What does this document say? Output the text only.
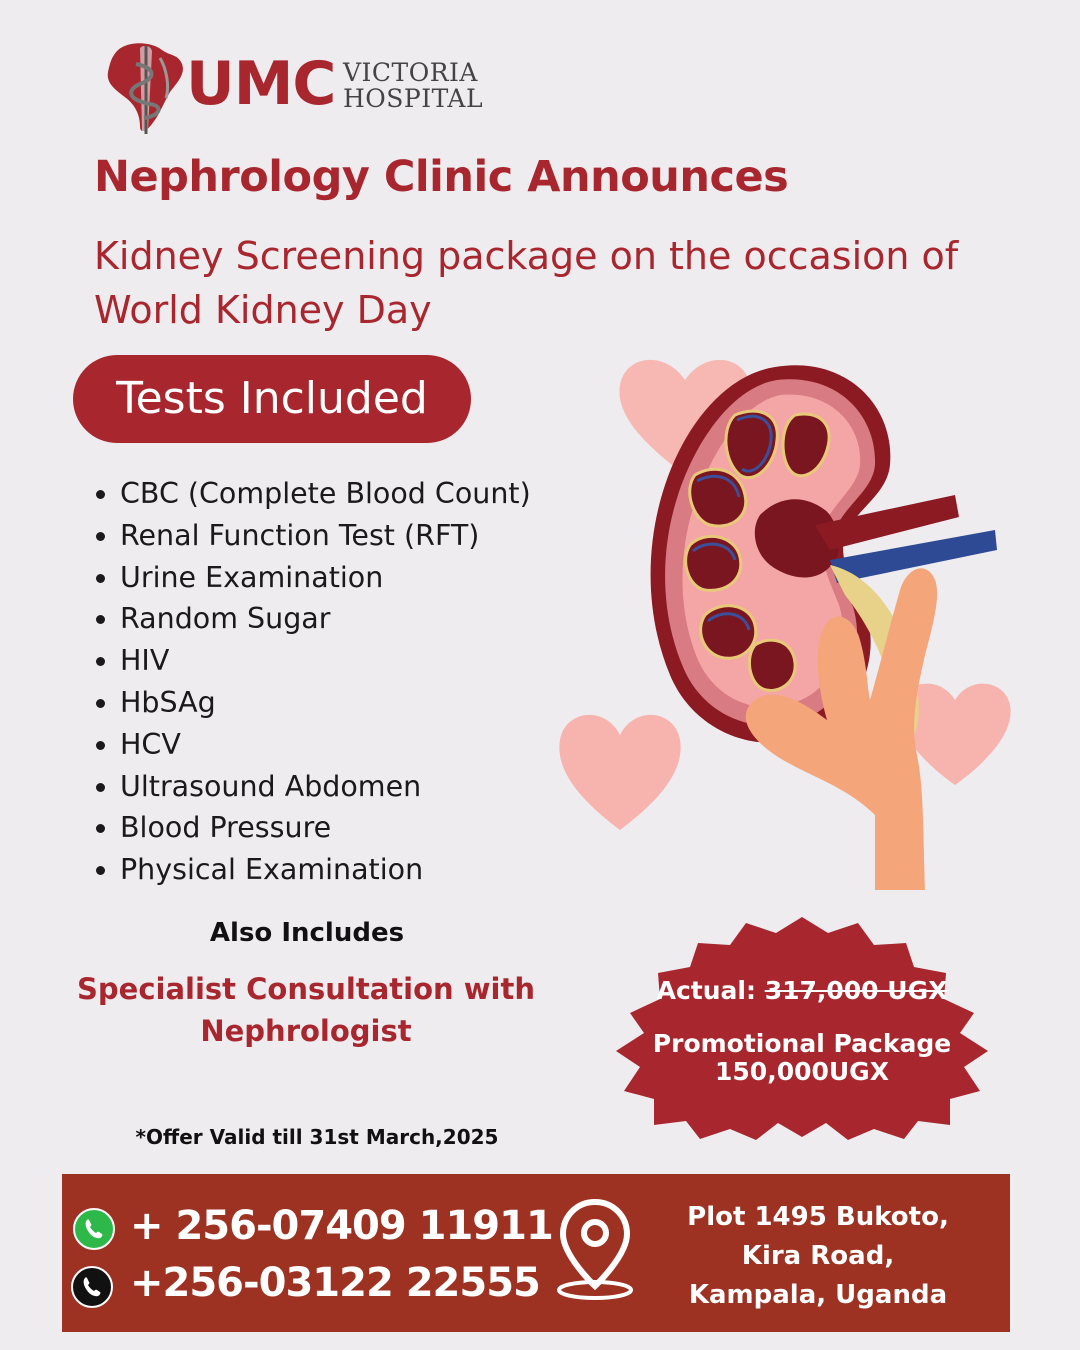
UMC VICTORIA
HOSPITAL
Nephrology Clinic Announces
Kidney Screening package on the occasion of World Kidney Day
Tests Included
• CBC (Complete Blood Count)
• Renal Function Test (RFT)
• Urine Examination
• Random Sugar
• HIV
• HbSAg
• HCV
• Ultrasound Abdomen
• Blood Pressure
• Physical Examination
Also Includes
Specialist Consultation with
Nephrologist
*Offer Valid till 31st March,2025
Actual: 317,000 UGX
Promotional Package
150,000UGX
+ 256-07409 11911
+256-03122 22555
Plot 1495 Bukoto,
Kira Road,
Kampala, Uganda
